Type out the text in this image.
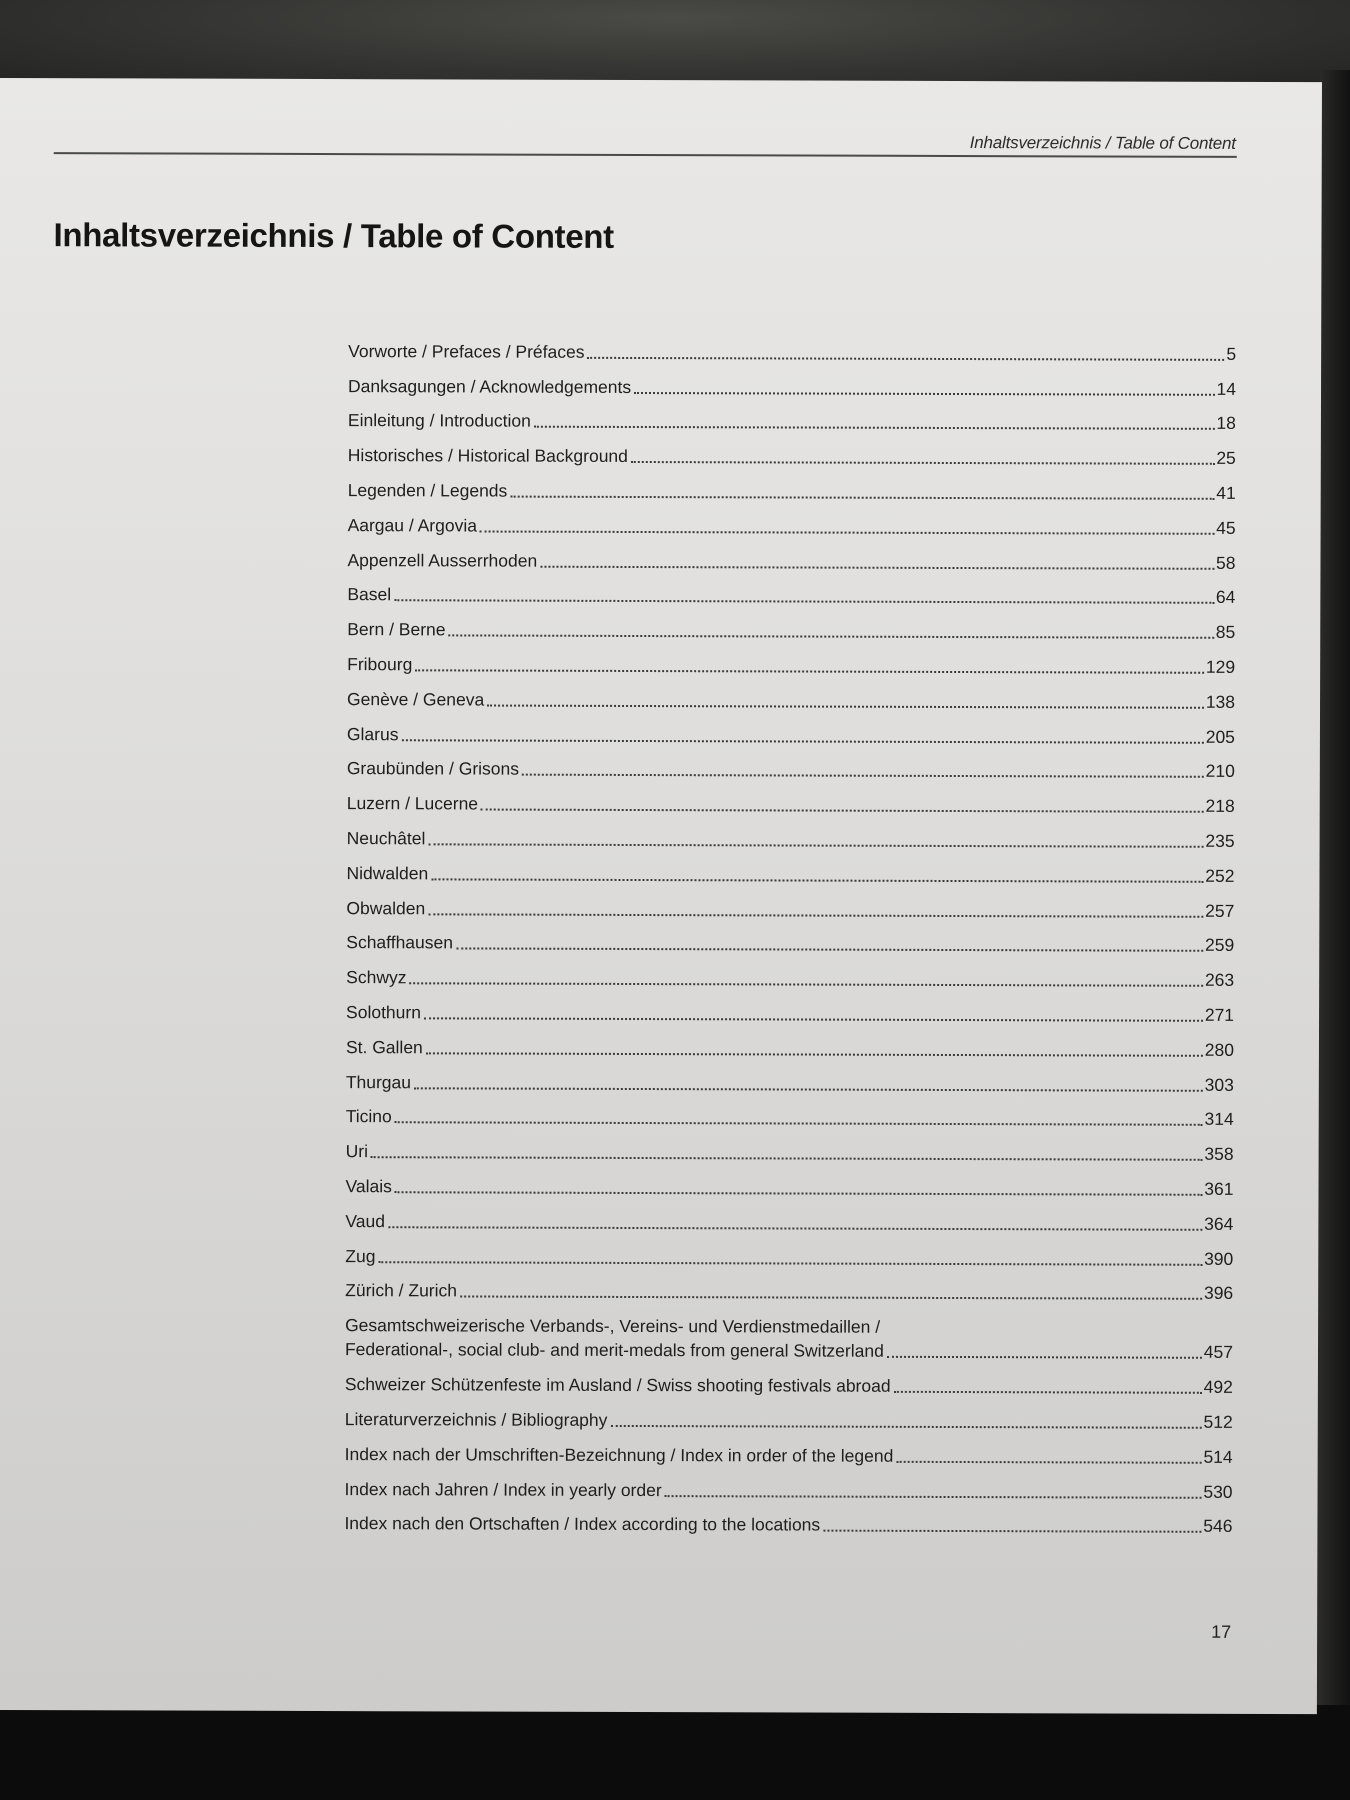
Inhaltsverzeichnis / Table of Content
Inhaltsverzeichnis / Table of Content
Vorworte / Prefaces / Préfaces	5
Danksagungen / Acknowledgements	14
Einleitung / Introduction	18
Historisches / Historical Background	25
Legenden / Legends	41
Aargau / Argovia	45
Appenzell Ausserrhoden	58
Basel	64
Bern / Berne	85
Fribourg	129
Genève / Geneva	138
Glarus	205
Graubünden / Grisons	210
Luzern / Lucerne	218
Neuchâtel	235
Nidwalden	252
Obwalden	257
Schaffhausen	259
Schwyz	263
Solothurn	271
St. Gallen	280
Thurgau	303
Ticino	314
Uri	358
Valais	361
Vaud	364
Zug	390
Zürich / Zurich	396
Gesamtschweizerische Verbands-, Vereins- und Verdienstmedaillen /
Federational-, social club- and merit-medals from general Switzerland	457
Schweizer Schützenfeste im Ausland / Swiss shooting festivals abroad	492
Literaturverzeichnis / Bibliography	512
Index nach der Umschriften-Bezeichnung / Index in order of the legend	514
Index nach Jahren / Index in yearly order	530
Index nach den Ortschaften / Index according to the locations	546
17
